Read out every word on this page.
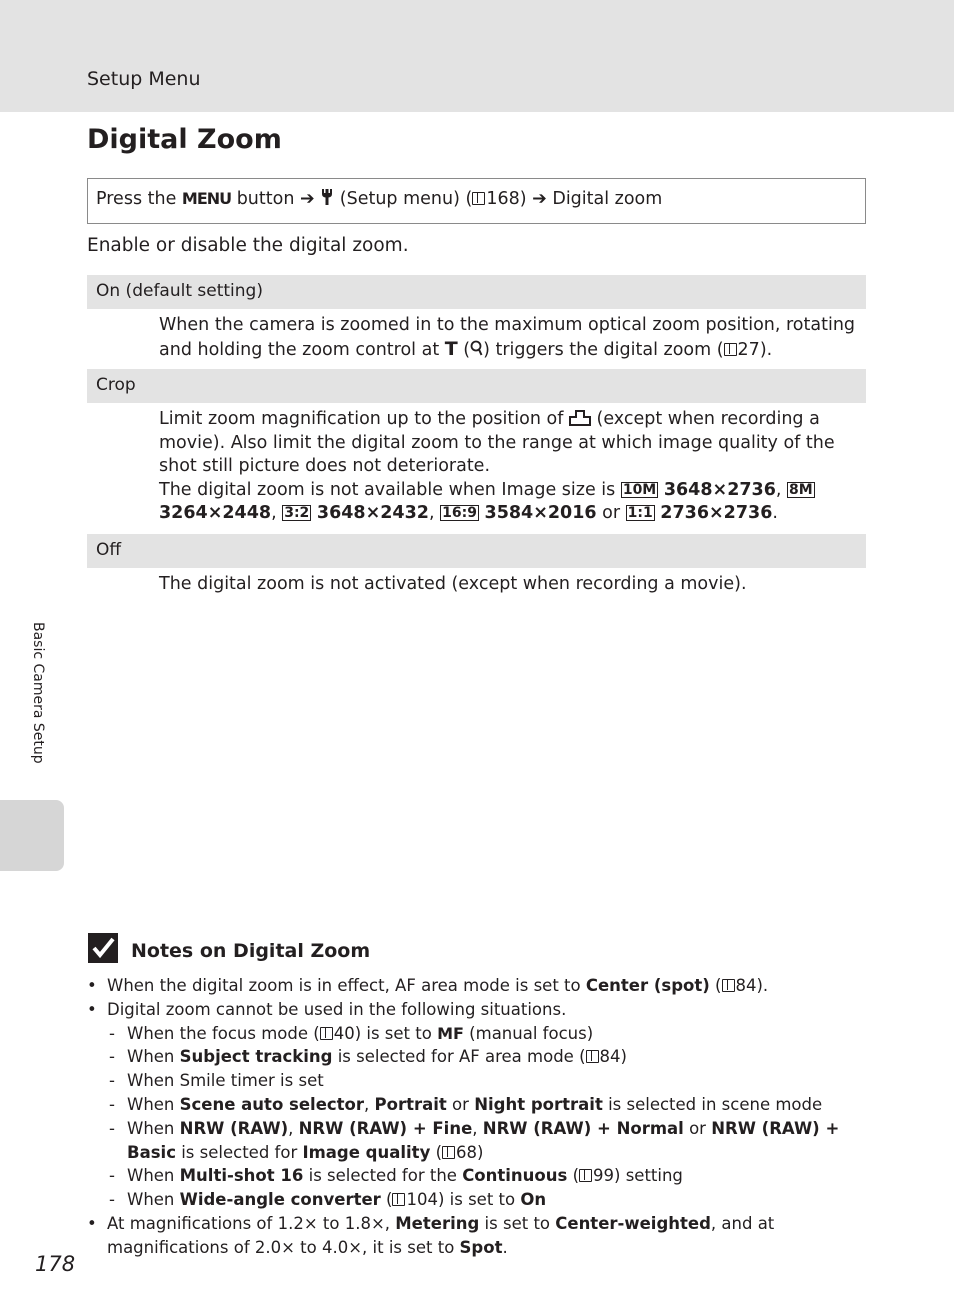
Setup Menu
Digital Zoom
Press the MENU button ➔  (Setup menu) ( 168) ➔ Digital zoom
Enable or disable the digital zoom.
On (default setting)
When the camera is zoomed in to the maximum optical zoom position, rotating and holding the zoom control at T ( ) triggers the digital zoom ( 27).
Crop
Limit zoom magnification up to the position of  (except when recording a movie). Also limit the digital zoom to the range at which image quality of the shot still picture does not deteriorate.
The digital zoom is not available when Image size is 10M 3648×2736, 8M 3264×2448, 3:2 3648×2432, 16:9 3584×2016 or 1:1 2736×2736.
Off
The digital zoom is not activated (except when recording a movie).
Basic Camera Setup
Notes on Digital Zoom
• When the digital zoom is in effect, AF area mode is set to Center (spot) ( 84).
• Digital zoom cannot be used in the following situations.
- When the focus mode ( 40) is set to MF (manual focus)
- When Subject tracking is selected for AF area mode ( 84)
- When Smile timer is set
- When Scene auto selector, Portrait or Night portrait is selected in scene mode
- When NRW (RAW), NRW (RAW) + Fine, NRW (RAW) + Normal or NRW (RAW) + Basic is selected for Image quality ( 68)
- When Multi-shot 16 is selected for the Continuous ( 99) setting
- When Wide-angle converter ( 104) is set to On
• At magnifications of 1.2× to 1.8×, Metering is set to Center-weighted, and at magnifications of 2.0× to 4.0×, it is set to Spot.
178
